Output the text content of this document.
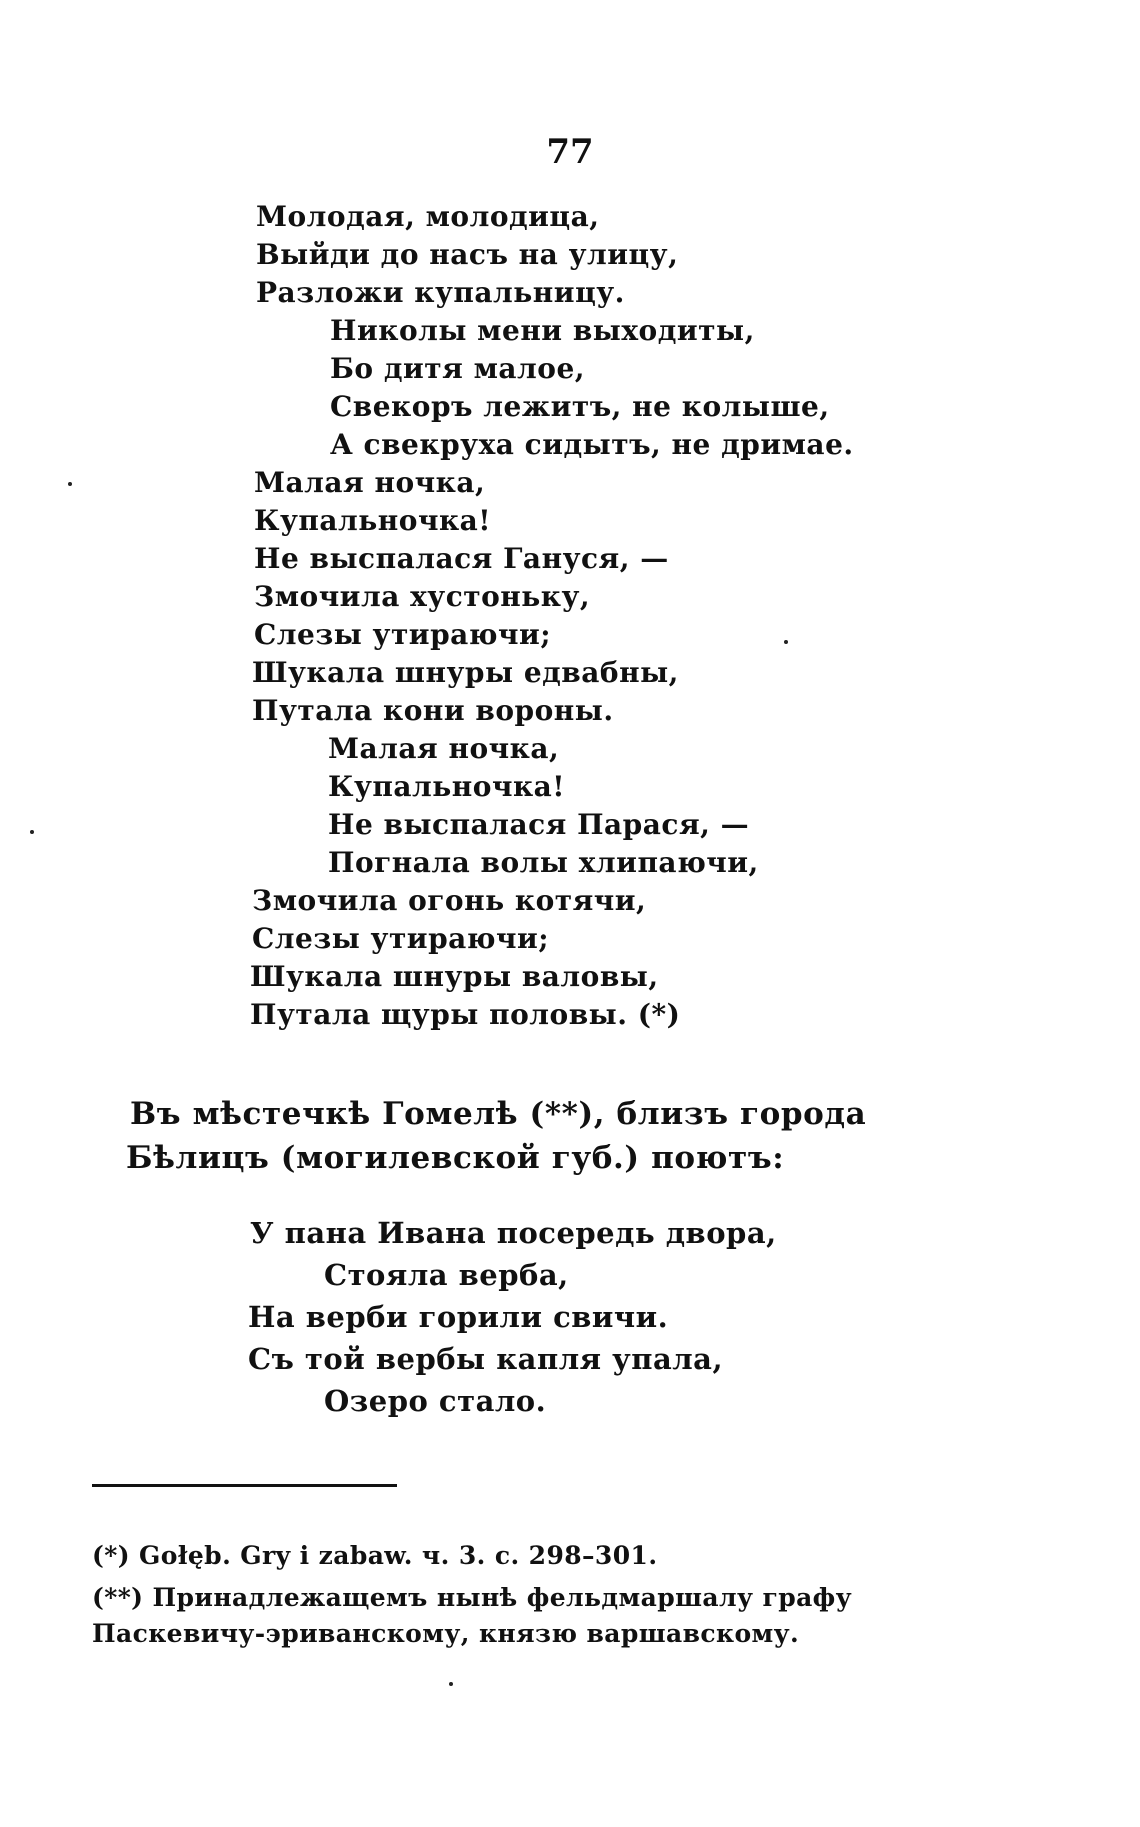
77
Молодая, молодица,
Выйди до насъ на улицу,
Разложи купальницу.
Николы мени выходиты,
Бо дитя малое,
Свекоръ лежитъ, не колыше,
А свекруха сидытъ, не дримае.
Малая ночка,
Купальночка!
Не выспалася Гануся, —
Змочила хустоньку,
Слезы утираючи;
Шукала шнуры едвабны,
Путала кони вороны.
Малая ночка,
Купальночка!
Не выспалася Парася, —
Погнала волы хлипаючи,
Змочила огонь котячи,
Слезы утираючи;
Шукала шнуры валовы,
Путала щуры половы. (*)
Въ мѣстечкѣ Гомелѣ (**), близъ города Бѣлицъ (могилевской губ.) поютъ:
У пана Ивана посередь двора,
Стояла верба,
На верби горили свичи.
Съ той вербы капля упала,
Озеро стало.
(*) Gołęb. Gry i zabaw. ч. 3. с. 298–301.
(**) Принадлежащемъ нынѣ фельдмаршалу графу Паскевичу-эриванскому, князю варшавскому.
